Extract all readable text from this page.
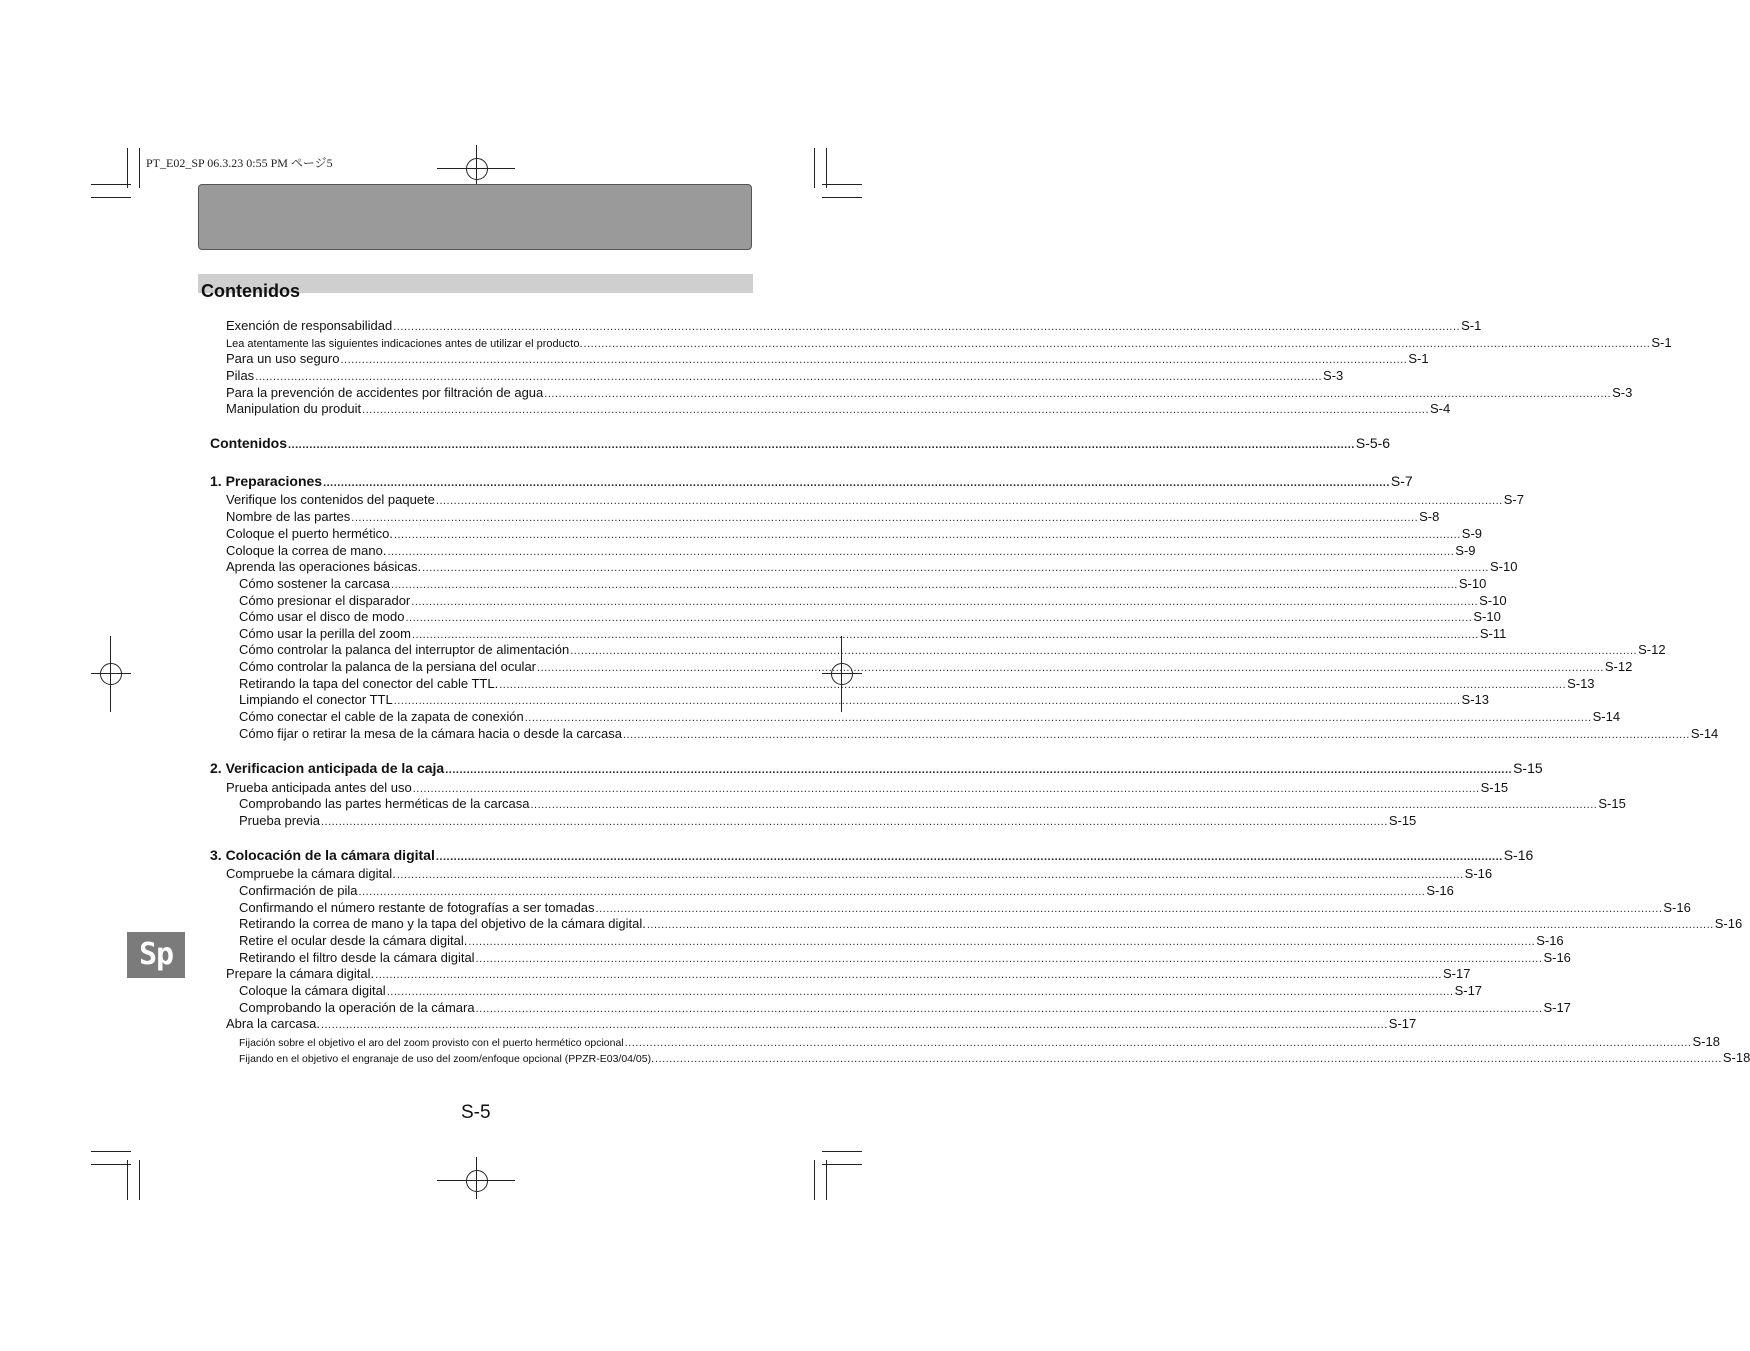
PT_E02_SP 06.3.23 0:55 PM ページ5
Contenidos
Exención de responsabilidad ............................................................................................................................................................................................................................................................................................................ S-1
Lea atentamente las siguientes indicaciones antes de utilizar el producto. ............................................................................................................................................................................................................................................................................................................ S-1
Para un uso seguro ............................................................................................................................................................................................................................................................................................................ S-1
Pilas ............................................................................................................................................................................................................................................................................................................ S-3
Para la prevención de accidentes por filtración de agua ............................................................................................................................................................................................................................................................................................................ S-3
Manipulation du produit ............................................................................................................................................................................................................................................................................................................ S-4
Contenidos ............................................................................................................................................................................................................................................................................................................ S-5-6
1. Preparaciones ............................................................................................................................................................................................................................................................................................................ S-7
Verifique los contenidos del paquete ............................................................................................................................................................................................................................................................................................................ S-7
Nombre de las partes ............................................................................................................................................................................................................................................................................................................ S-8
Coloque el puerto hermético. ............................................................................................................................................................................................................................................................................................................ S-9
Coloque la correa de mano. ............................................................................................................................................................................................................................................................................................................ S-9
Aprenda las operaciones básicas. ............................................................................................................................................................................................................................................................................................................ S-10
Cómo sostener la carcasa ............................................................................................................................................................................................................................................................................................................ S-10
Cómo presionar el disparador ............................................................................................................................................................................................................................................................................................................ S-10
Cómo usar el disco de modo ............................................................................................................................................................................................................................................................................................................ S-10
Cómo usar la perilla del zoom ............................................................................................................................................................................................................................................................................................................ S-11
Cómo controlar la palanca del interruptor de alimentación ............................................................................................................................................................................................................................................................................................................ S-12
Cómo controlar la palanca de la persiana del ocular ............................................................................................................................................................................................................................................................................................................ S-12
Retirando la tapa del conector del cable TTL. ............................................................................................................................................................................................................................................................................................................ S-13
Limpiando el conector TTL ............................................................................................................................................................................................................................................................................................................ S-13
Cómo conectar el cable de la zapata de conexión ............................................................................................................................................................................................................................................................................................................ S-14
Cómo fijar o retirar la mesa de la cámara hacia o desde la carcasa ............................................................................................................................................................................................................................................................................................................ S-14
2. Verificacion anticipada de la caja ............................................................................................................................................................................................................................................................................................................ S-15
Prueba anticipada antes del uso ............................................................................................................................................................................................................................................................................................................ S-15
Comprobando las partes herméticas de la carcasa ............................................................................................................................................................................................................................................................................................................ S-15
Prueba previa ............................................................................................................................................................................................................................................................................................................ S-15
3. Colocación de la cámara digital ............................................................................................................................................................................................................................................................................................................ S-16
Compruebe la cámara digital. ............................................................................................................................................................................................................................................................................................................ S-16
Confirmación de pila ............................................................................................................................................................................................................................................................................................................ S-16
Confirmando el número restante de fotografías a ser tomadas ............................................................................................................................................................................................................................................................................................................ S-16
Retirando la correa de mano y la tapa del objetivo de la cámara digital. ............................................................................................................................................................................................................................................................................................................ S-16
Retire el ocular desde la cámara digital. ............................................................................................................................................................................................................................................................................................................ S-16
Retirando el filtro desde la cámara digital ............................................................................................................................................................................................................................................................................................................ S-16
Prepare la cámara digital. ............................................................................................................................................................................................................................................................................................................ S-17
Coloque la cámara digital ............................................................................................................................................................................................................................................................................................................ S-17
Comprobando la operación de la cámara ............................................................................................................................................................................................................................................................................................................ S-17
Abra la carcasa. ............................................................................................................................................................................................................................................................................................................ S-17
Fijación sobre el objetivo el aro del zoom provisto con el puerto hermético opcional ............................................................................................................................................................................................................................................................................................................ S-18
Fijando en el objetivo el engranaje de uso del zoom/enfoque opcional (PPZR-E03/04/05). ............................................................................................................................................................................................................................................................................................................ S-18
Sp
S-5
